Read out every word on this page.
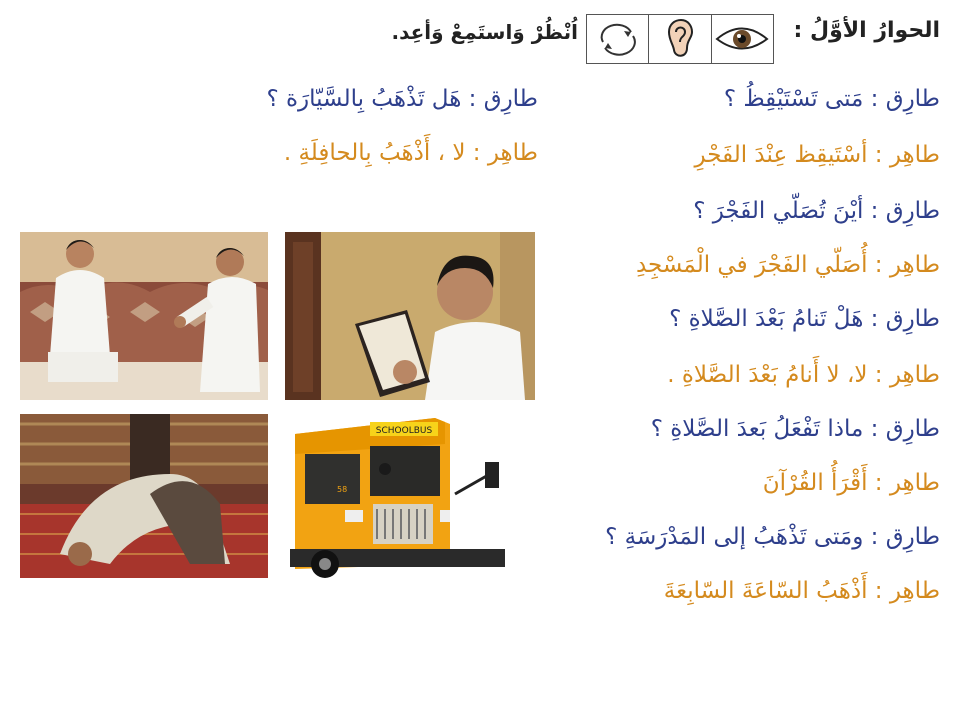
الحوارُ الأوَّلُ :
اُنْظُرْ وَاستَمِعْ وَأعِد.
طارِق : هَل تَذْهَبُ بِالسَّيّارَة ؟
طاهِر : لا ، أَذْهَبُ بِالحافِلَةِ .
طارِق : مَتى تَسْتَيْقِظُ ؟
طاهِر : أسْتَيقِظ عِنْدَ الفَجْرِ
طارِق : أيْنَ تُصَلّي الفَجْرَ ؟
طاهِر : أُصَلّي الفَجْرَ في الْمَسْجِدِ
طارِق : هَلْ تَنامُ بَعْدَ الصَّلاةِ ؟
طاهِر : لا، لا أَنامُ بَعْدَ الصَّلاةِ .
طارِق : ماذا تَفْعَلُ بَعدَ الصَّلاةِ ؟
طاهِر : أَقْرَأُ القُرْآنَ
طارِق : ومَتى تَذْهَبُ إلى المَدْرَسَةِ ؟
طاهِر : أَذْهَبُ السّاعَةَ السّابِعَةَ
SCHOOLBUS
58
